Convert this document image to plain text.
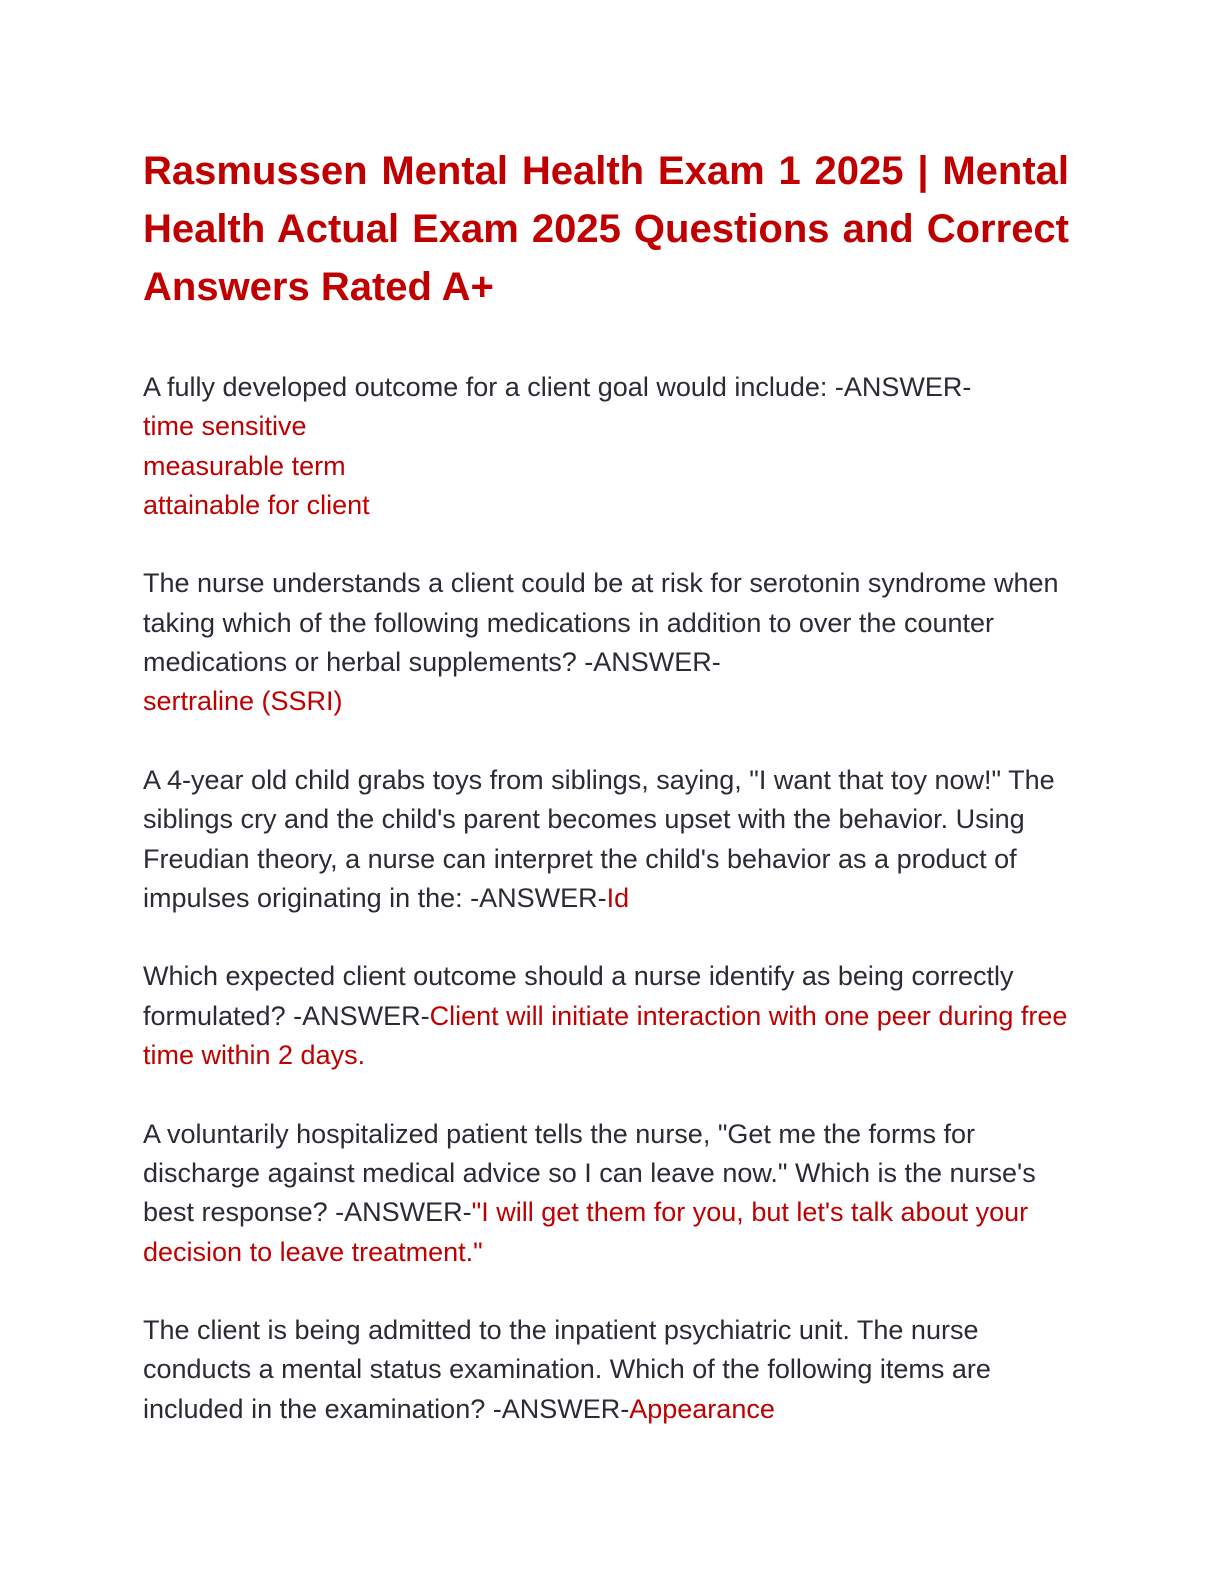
Rasmussen Mental Health Exam 1 2025 | Mental Health Actual Exam 2025 Questions and Correct Answers Rated A+

A fully developed outcome for a client goal would include: -ANSWER-
time sensitive
measurable term
attainable for client

The nurse understands a client could be at risk for serotonin syndrome when taking which of the following medications in addition to over the counter medications or herbal supplements? -ANSWER-
sertraline (SSRI)

A 4-year old child grabs toys from siblings, saying, "I want that toy now!" The siblings cry and the child's parent becomes upset with the behavior. Using Freudian theory, a nurse can interpret the child's behavior as a product of impulses originating in the: -ANSWER-Id

Which expected client outcome should a nurse identify as being correctly formulated? -ANSWER-Client will initiate interaction with one peer during free time within 2 days.

A voluntarily hospitalized patient tells the nurse, "Get me the forms for discharge against medical advice so I can leave now." Which is the nurse's best response? -ANSWER-"I will get them for you, but let's talk about your decision to leave treatment."

The client is being admitted to the inpatient psychiatric unit. The nurse conducts a mental status examination. Which of the following items are included in the examination? -ANSWER-Appearance
